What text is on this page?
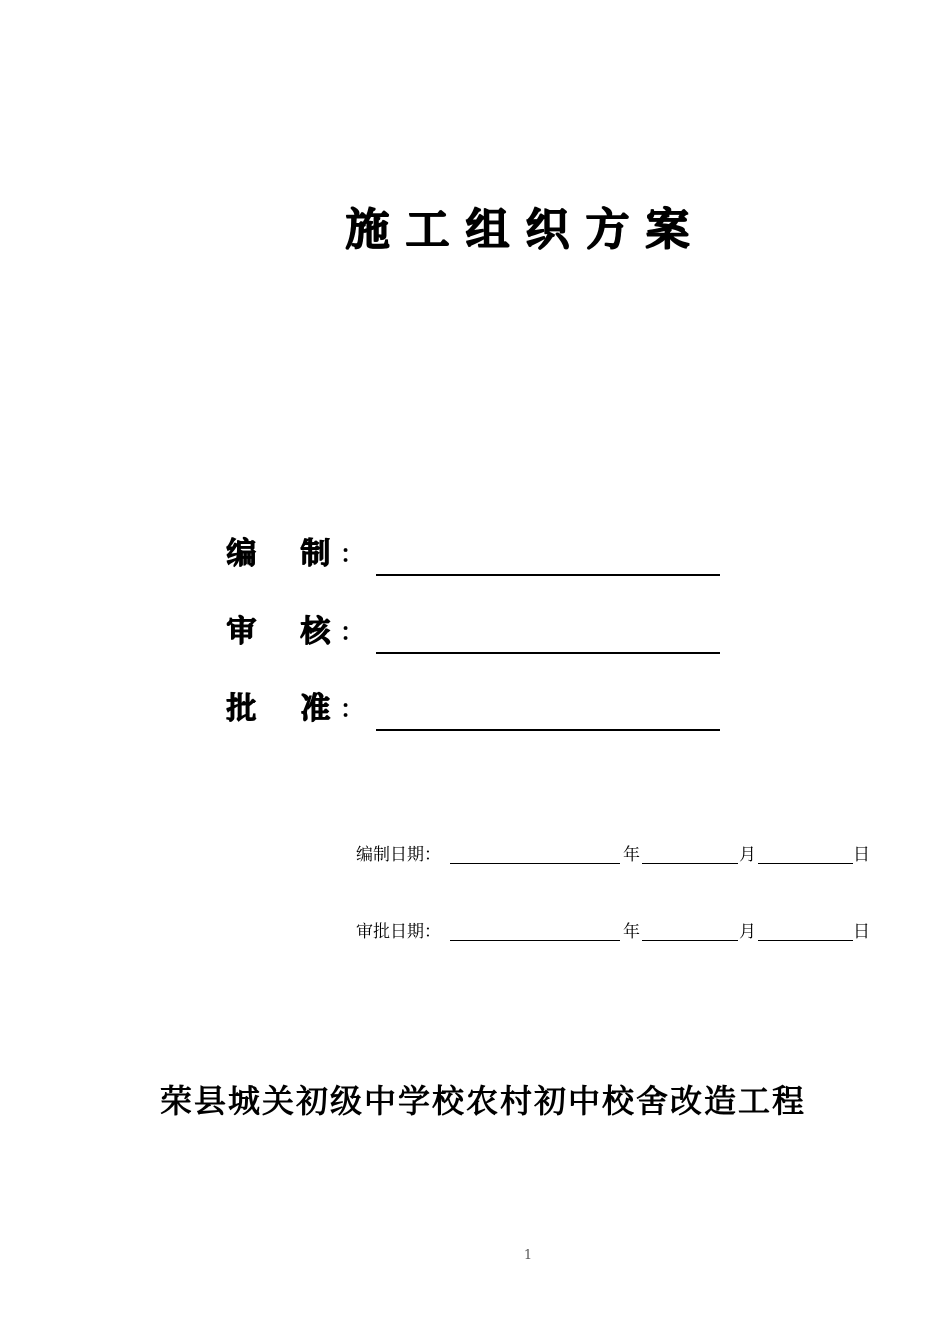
施工组织方案
编 制 ：
审 核 ：
批 准 ：
编制日期：	年	月	日
审批日期：	年	月	日
荣县城关初级中学校农村初中校舍改造工程
1
